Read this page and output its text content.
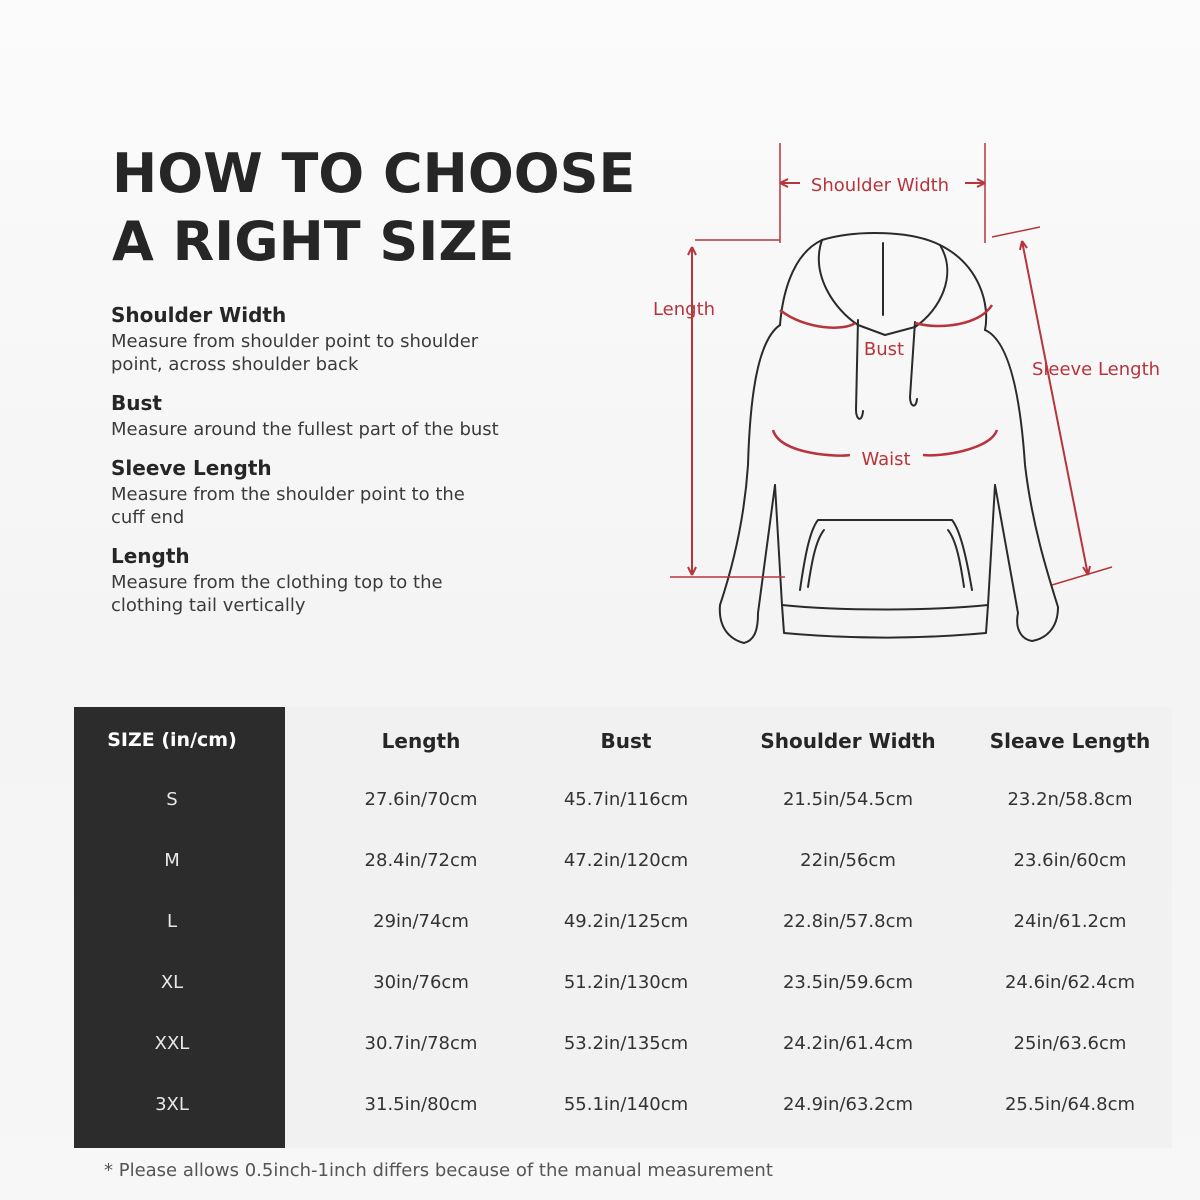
HOW TO CHOOSE
A RIGHT SIZE
Shoulder Width
Measure from shoulder point to shoulder
point, across shoulder back
Bust
Measure around the fullest part of the bust
Sleeve Length
Measure from the shoulder point to the
cuff end
Length
Measure from the clothing top to the
clothing tail vertically
Shoulder Width
Length
Bust
Waist
Sleeve Length
SIZE (in/cm)	Length	Bust	Shoulder Width	Sleave Length
S	27.6in/70cm	45.7in/116cm	21.5in/54.5cm	23.2n/58.8cm
M	28.4in/72cm	47.2in/120cm	22in/56cm	23.6in/60cm
L	29in/74cm	49.2in/125cm	22.8in/57.8cm	24in/61.2cm
XL	30in/76cm	51.2in/130cm	23.5in/59.6cm	24.6in/62.4cm
XXL	30.7in/78cm	53.2in/135cm	24.2in/61.4cm	25in/63.6cm
3XL	31.5in/80cm	55.1in/140cm	24.9in/63.2cm	25.5in/64.8cm
* Please allows 0.5inch-1inch differs because of the manual measurement
